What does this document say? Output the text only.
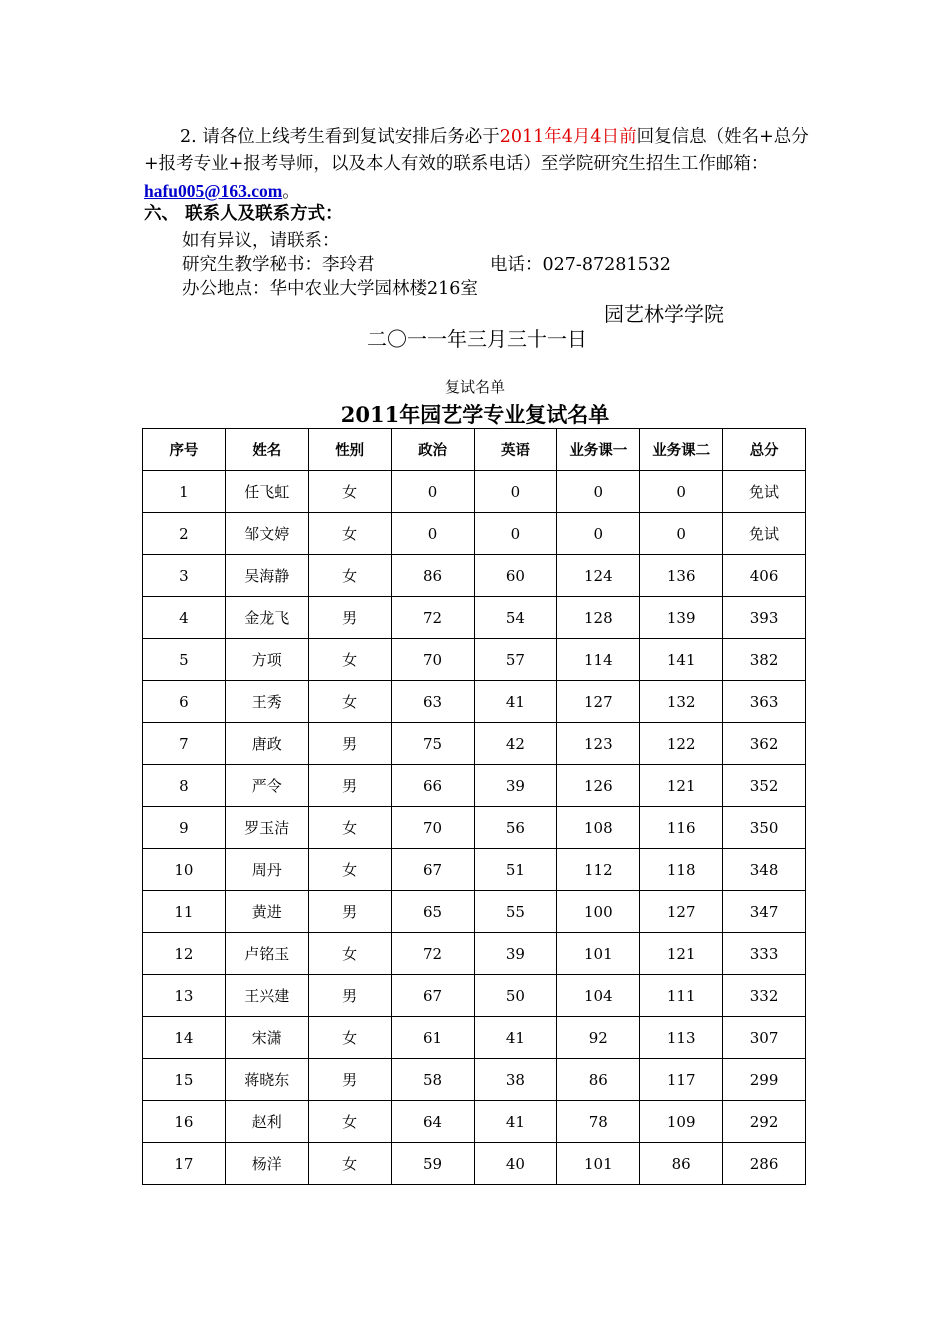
2. 请各位上线考生看到复试安排后务必于2011年4月4日前回复信息（姓名+总分+报考专业+报考导师，以及本人有效的联系电话）至学院研究生招生工作邮箱：hafu005@163.com。
六、 联系人及联系方式：
如有异议，请联系：
研究生教学秘书：李玲君	电话：027-87281532
办公地点：华中农业大学园林楼216室
园艺林学学院
二〇一一年三月三十一日
复试名单
2011年园艺学专业复试名单
序号	姓名	性别	政治	英语	业务课一	业务课二	总分
1	任飞虹	女	0	0	0	0	免试
2	邹文婷	女	0	0	0	0	免试
3	吴海静	女	86	60	124	136	406
4	金龙飞	男	72	54	128	139	393
5	方项	女	70	57	114	141	382
6	王秀	女	63	41	127	132	363
7	唐政	男	75	42	123	122	362
8	严令	男	66	39	126	121	352
9	罗玉洁	女	70	56	108	116	350
10	周丹	女	67	51	112	118	348
11	黄进	男	65	55	100	127	347
12	卢铭玉	女	72	39	101	121	333
13	王兴建	男	67	50	104	111	332
14	宋潇	女	61	41	92	113	307
15	蒋晓东	男	58	38	86	117	299
16	赵利	女	64	41	78	109	292
17	杨洋	女	59	40	101	86	286
